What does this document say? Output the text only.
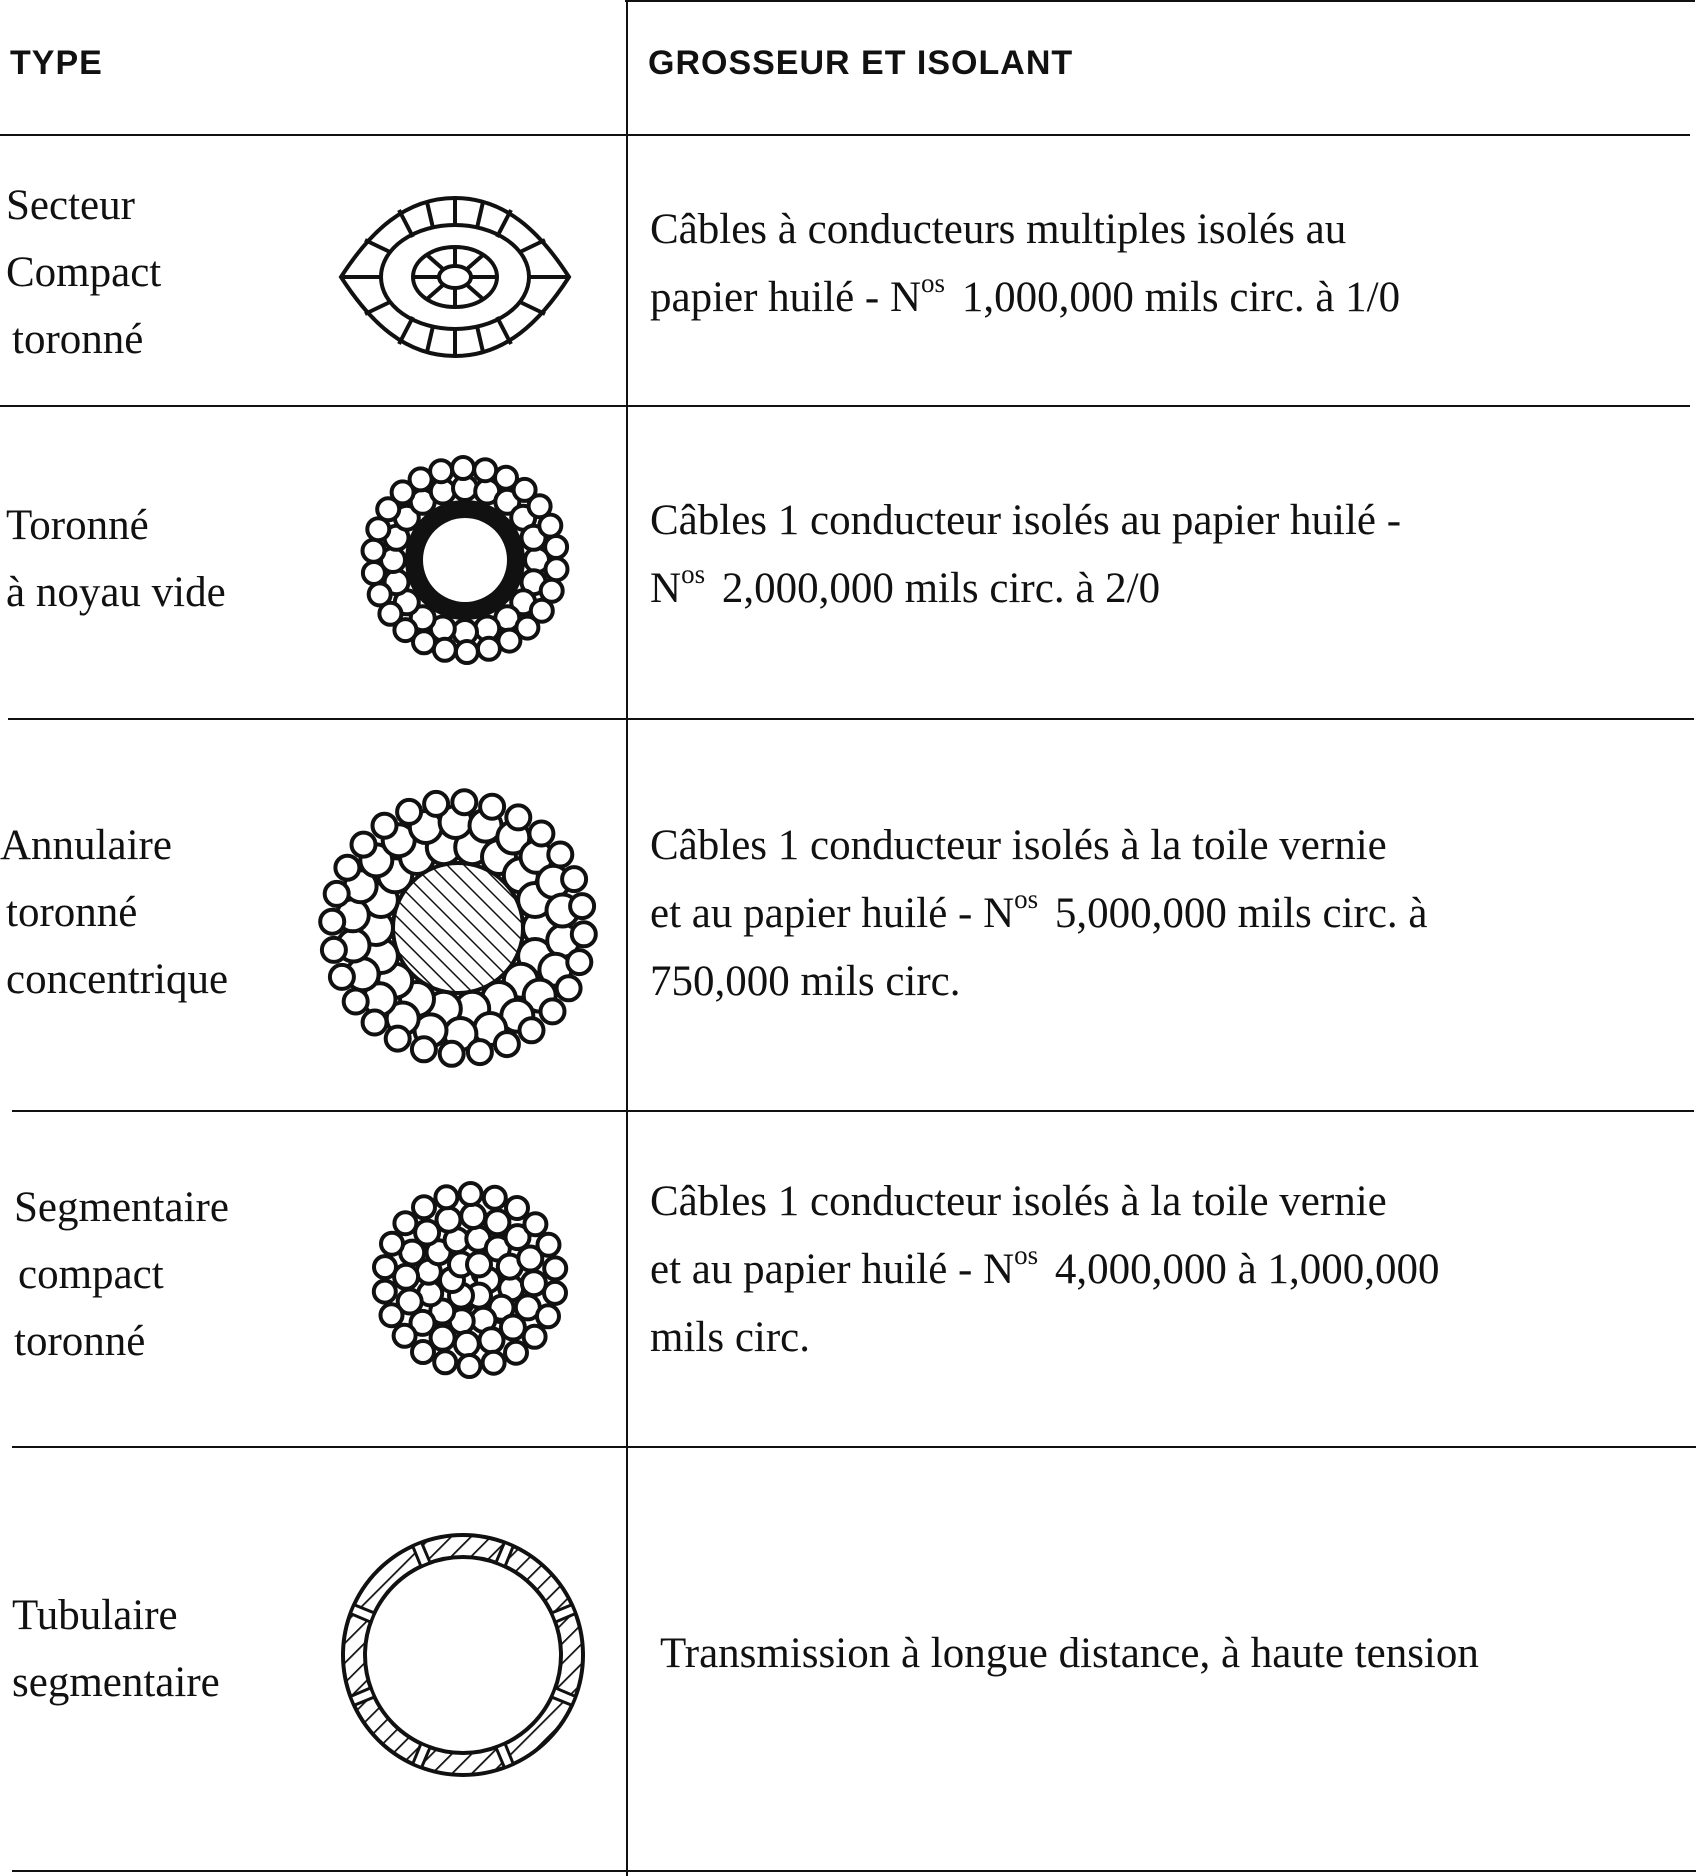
TYPE	GROSSEUR ET ISOLANT
Secteur
Compact
toronné
Câbles à conducteurs multiples isolés au
papier huilé - $N^{os}$ 1,000,000 mils circ. à 1/0
Toronné
à noyau vide
Câbles 1 conducteur isolés au papier huilé -
$N^{os}$ 2,000,000 mils circ. à 2/0
Annulaire
toronné
concentrique
Câbles 1 conducteur isolés à la toile vernie
et au papier huilé - $N^{os}$ 5,000,000 mils circ. à
750,000 mils circ.
Segmentaire
compact
toronné
Câbles 1 conducteur isolés à la toile vernie
et au papier huilé - $N^{os}$ 4,000,000 à 1,000,000
mils circ.
Tubulaire
segmentaire
Transmission à longue distance, à haute tension
